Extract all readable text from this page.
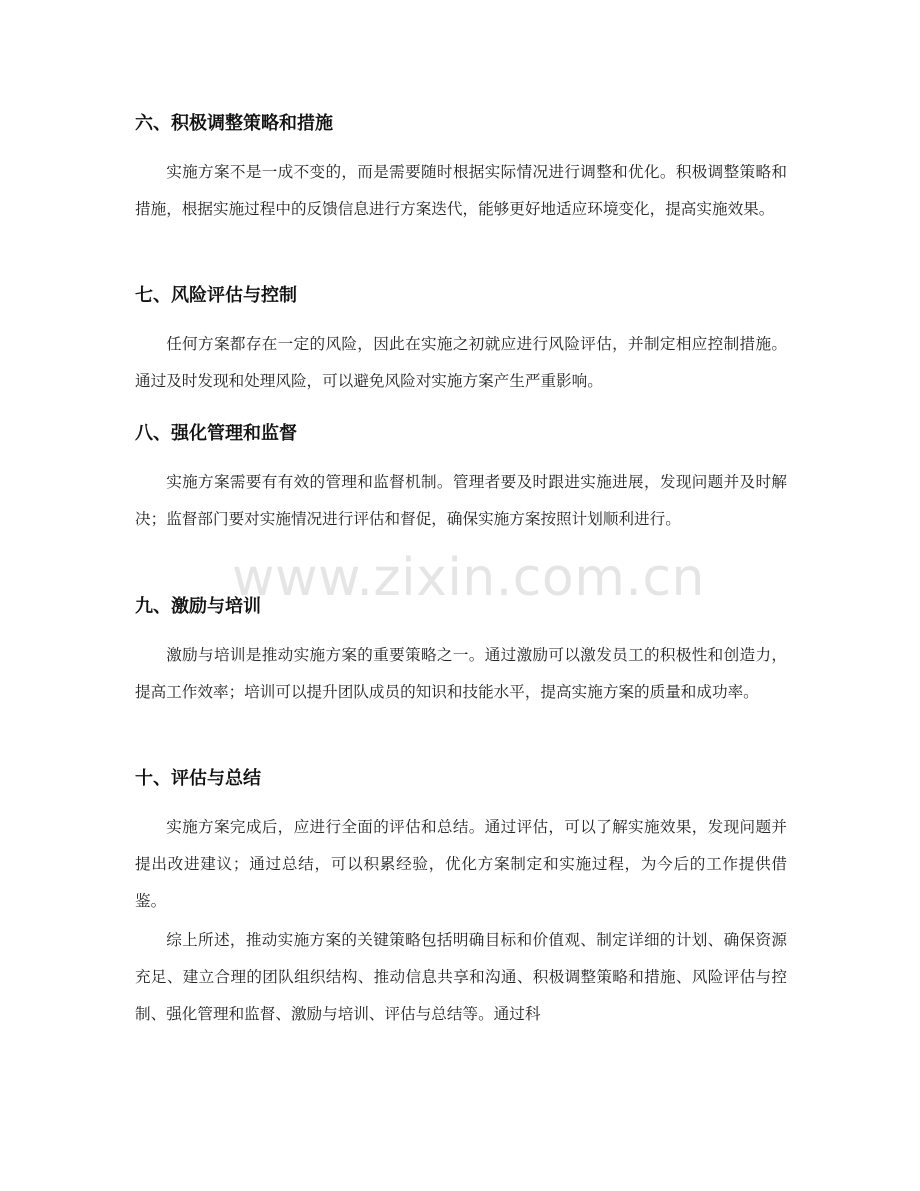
六、积极调整策略和措施

实施方案不是一成不变的，而是需要随时根据实际情况进行调整和优化。积极调整策略和措施，根据实施过程中的反馈信息进行方案迭代，能够更好地适应环境变化，提高实施效果。

七、风险评估与控制

任何方案都存在一定的风险，因此在实施之初就应进行风险评估，并制定相应控制措施。通过及时发现和处理风险，可以避免风险对实施方案产生严重影响。

八、强化管理和监督

实施方案需要有有效的管理和监督机制。管理者要及时跟进实施进展，发现问题并及时解决；监督部门要对实施情况进行评估和督促，确保实施方案按照计划顺利进行。

九、激励与培训

激励与培训是推动实施方案的重要策略之一。通过激励可以激发员工的积极性和创造力，提高工作效率；培训可以提升团队成员的知识和技能水平，提高实施方案的质量和成功率。

十、评估与总结

实施方案完成后，应进行全面的评估和总结。通过评估，可以了解实施效果，发现问题并提出改进建议；通过总结，可以积累经验，优化方案制定和实施过程，为今后的工作提供借鉴。

综上所述，推动实施方案的关键策略包括明确目标和价值观、制定详细的计划、确保资源充足、建立合理的团队组织结构、推动信息共享和沟通、积极调整策略和措施、风险评估与控制、强化管理和监督、激励与培训、评估与总结等。通过科

www.zixin.com.cn
